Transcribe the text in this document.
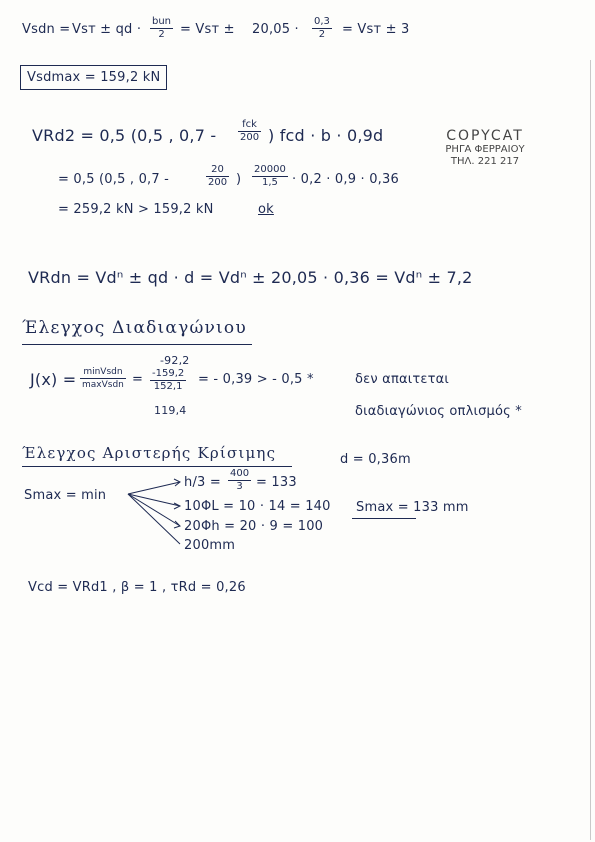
Vsdn = Vsт ± qd ·
bun
2	= Vsт ± $20,05 \cdot \frac{0,3}{2}$ = Vsт ± 3
Vsdmax = 159,2 kN
VRd2 = 0,5 (0,5 , 0,7 -
fck
200 ) fcd · b · 0,9d
= 0,5 (0,5 , 0,7 -	$\frac{20}{200}$ ) $\frac{20000}{1,5} \cdot 0,2 \cdot 0,9 \cdot 0,36$
= 259,2 kN > 159,2 kN	ok
COPYCAT
ΡΗΓΑ ΦΕΡΡΑΙΟΥ
ΤΗΛ. 221 217
VRdn = Vdⁿ ± qd · d = Vdⁿ ± 20,05 · 0,36 = Vdⁿ ± 7,2
Έλεγχος Διαδιαγώνιου
J(x) = minVsdn
maxVsdn =
-92,2
$\frac{-159,2}{152,1}$
119,4
= - 0,39 > - 0,5 *	δεν απαιτεται
διαδιαγώνιος οπλισμός *
Έλεγχος Αριστερής Κρίσιμης	d = 0,36m
Smax = min
$h/3 = \frac{400}{3} = 133$
10ΦL = 10 · 14 = 140
20Φh = 20 · 9 = 100
200mm
Smax = 133 mm
Vcd = VRd1 , β = 1 , τRd = 0,26
